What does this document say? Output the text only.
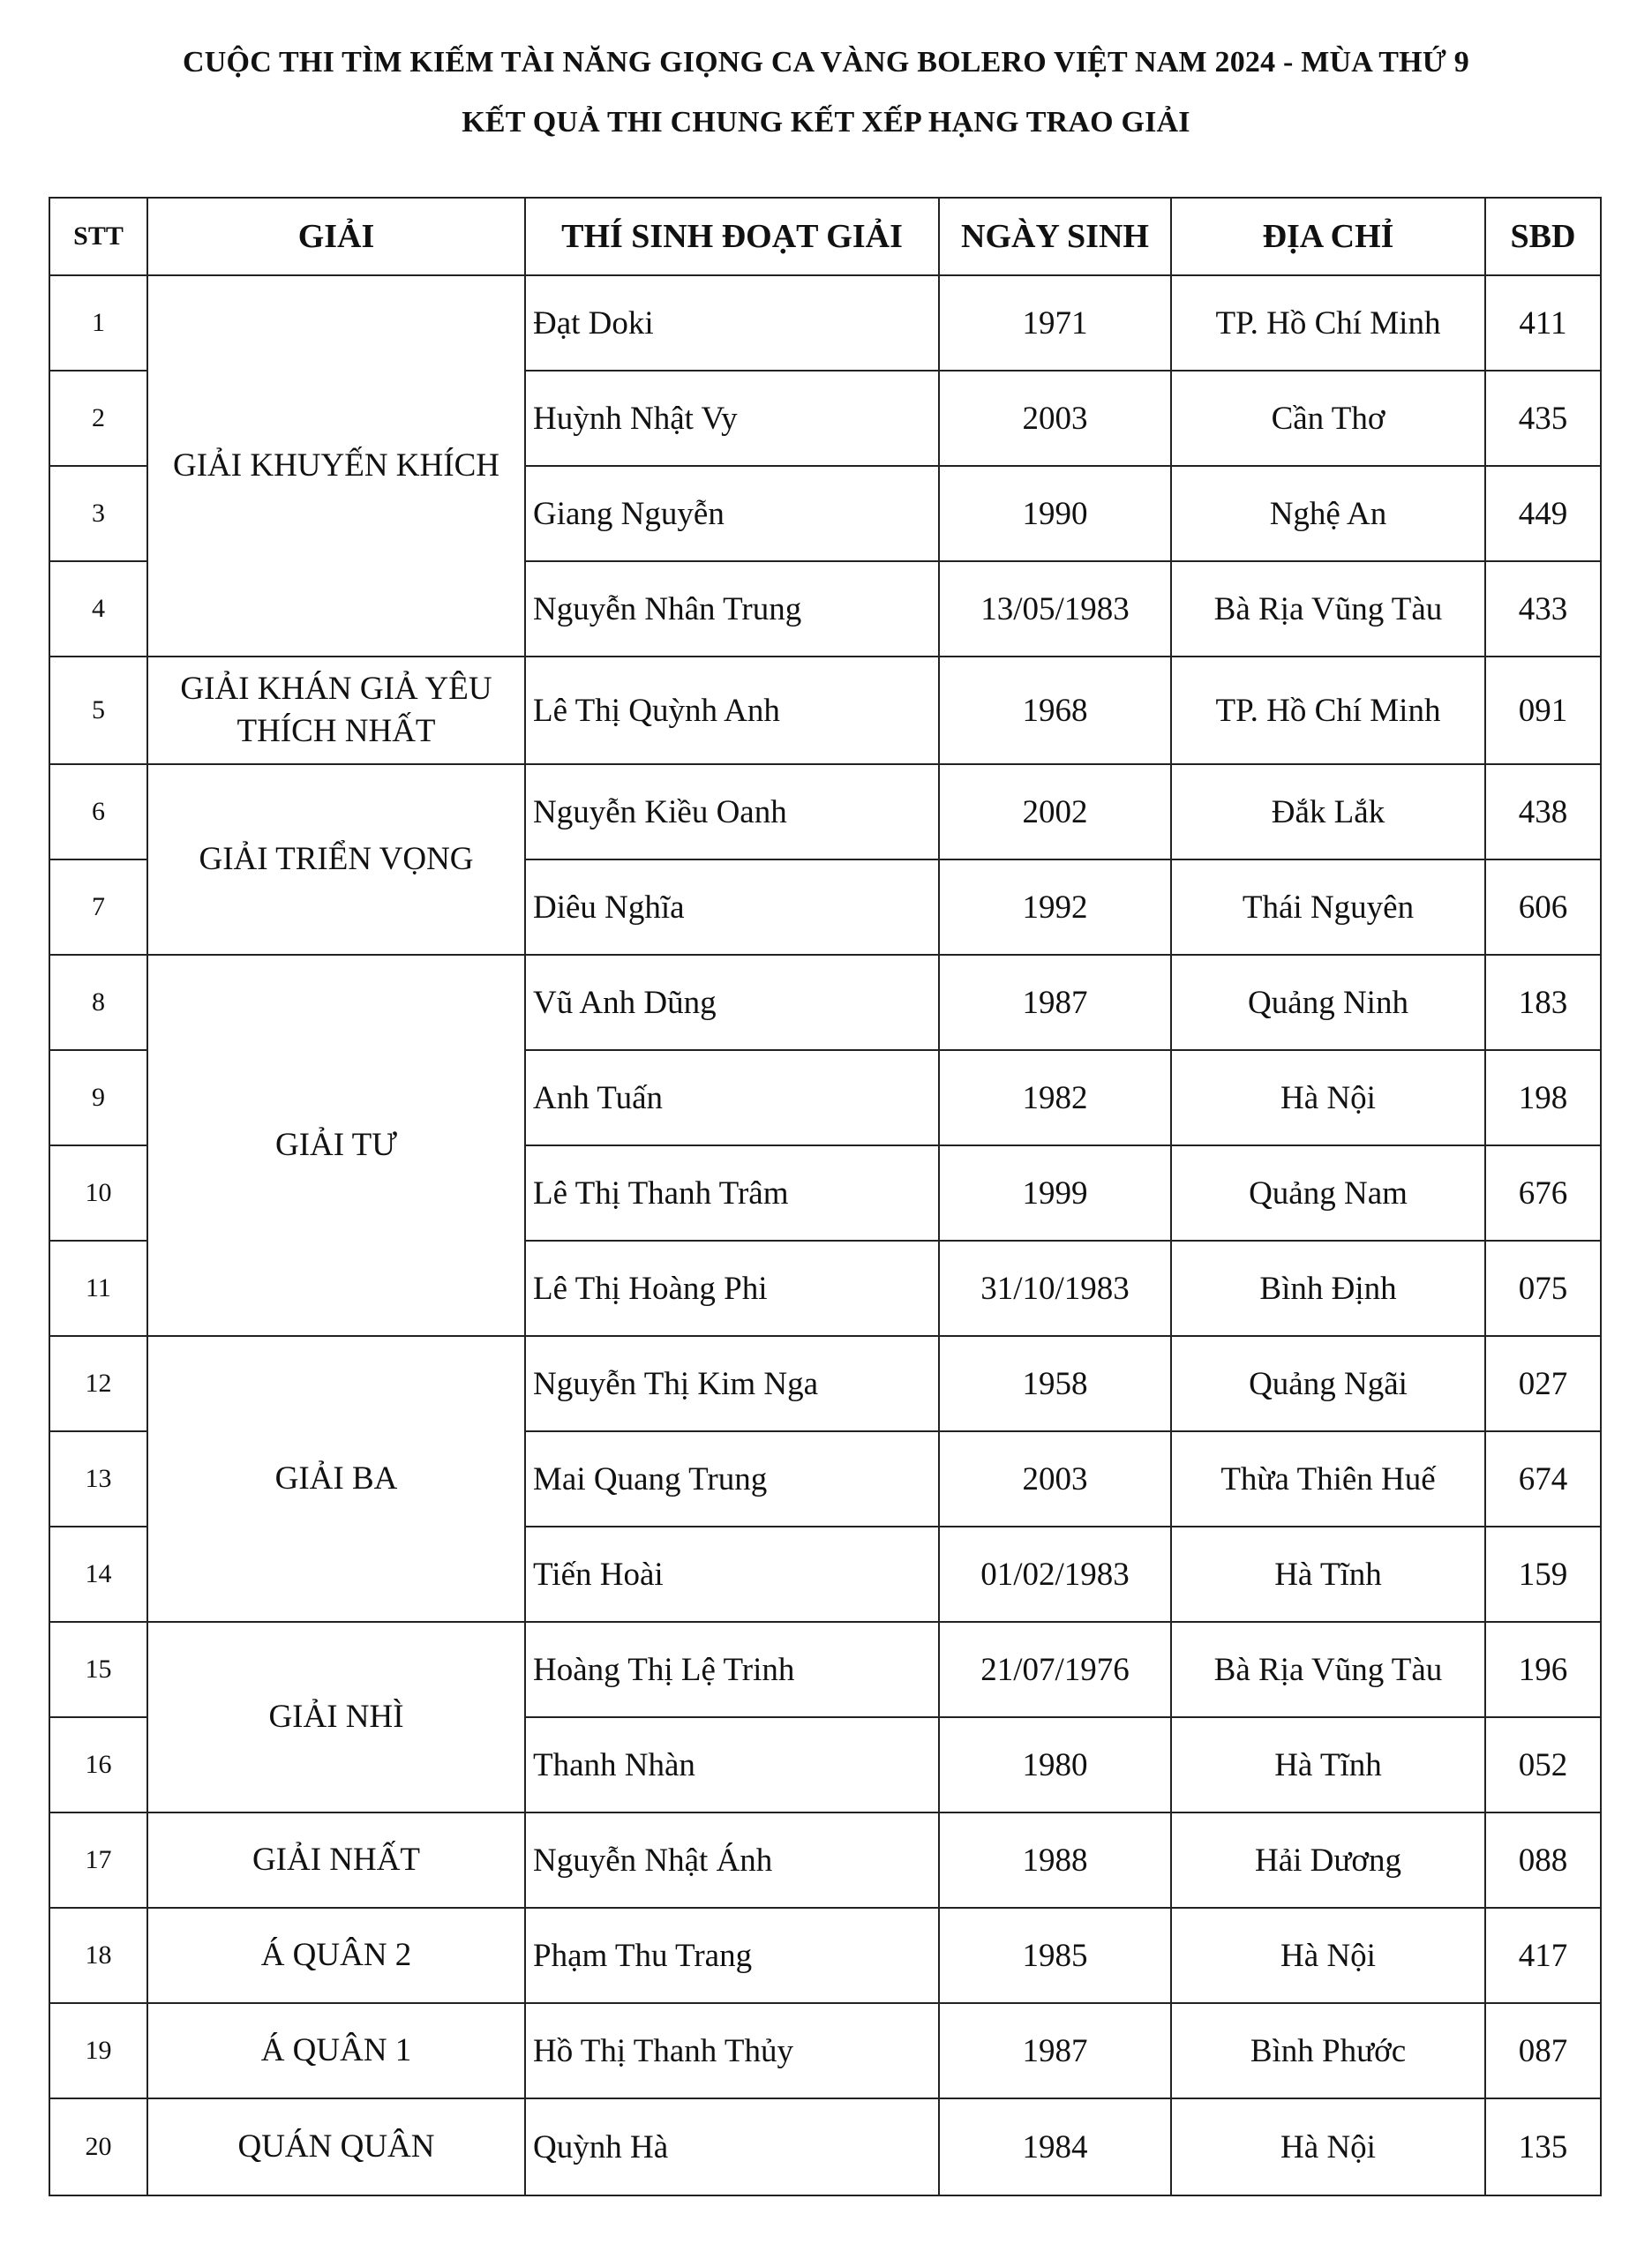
CUỘC THI TÌM KIẾM TÀI NĂNG GIỌNG CA VÀNG BOLERO VIỆT NAM 2024 - MÙA THỨ 9
KẾT QUẢ THI CHUNG KẾT XẾP HẠNG TRAO GIẢI
STT	GIẢI	THÍ SINH ĐOẠT GIẢI	NGÀY SINH	ĐỊA CHỈ	SBD
1	GIẢI KHUYẾN KHÍCH	Đạt Doki	1971	TP. Hồ Chí Minh	411
2		Huỳnh Nhật Vy	2003	Cần Thơ	435
3		Giang Nguyễn	1990	Nghệ An	449
4		Nguyễn Nhân Trung	13/05/1983	Bà Rịa Vũng Tàu	433
5	GIẢI KHÁN GIẢ YÊU THÍCH NHẤT	Lê Thị Quỳnh Anh	1968	TP. Hồ Chí Minh	091
6	GIẢI TRIỂN VỌNG	Nguyễn Kiều Oanh	2002	Đắk Lắk	438
7		Diêu Nghĩa	1992	Thái Nguyên	606
8	GIẢI TƯ	Vũ Anh Dũng	1987	Quảng Ninh	183
9		Anh Tuấn	1982	Hà Nội	198
10		Lê Thị Thanh Trâm	1999	Quảng Nam	676
11		Lê Thị Hoàng Phi	31/10/1983	Bình Định	075
12	GIẢI BA	Nguyễn Thị Kim Nga	1958	Quảng Ngãi	027
13		Mai Quang Trung	2003	Thừa Thiên Huế	674
14		Tiến Hoài	01/02/1983	Hà Tĩnh	159
15	GIẢI NHÌ	Hoàng Thị Lệ Trinh	21/07/1976	Bà Rịa Vũng Tàu	196
16		Thanh Nhàn	1980	Hà Tĩnh	052
17	GIẢI NHẤT	Nguyễn Nhật Ánh	1988	Hải Dương	088
18	Á QUÂN 2	Phạm Thu Trang	1985	Hà Nội	417
19	Á QUÂN 1	Hồ Thị Thanh Thủy	1987	Bình Phước	087
20	QUÁN QUÂN	Quỳnh Hà	1984	Hà Nội	135
